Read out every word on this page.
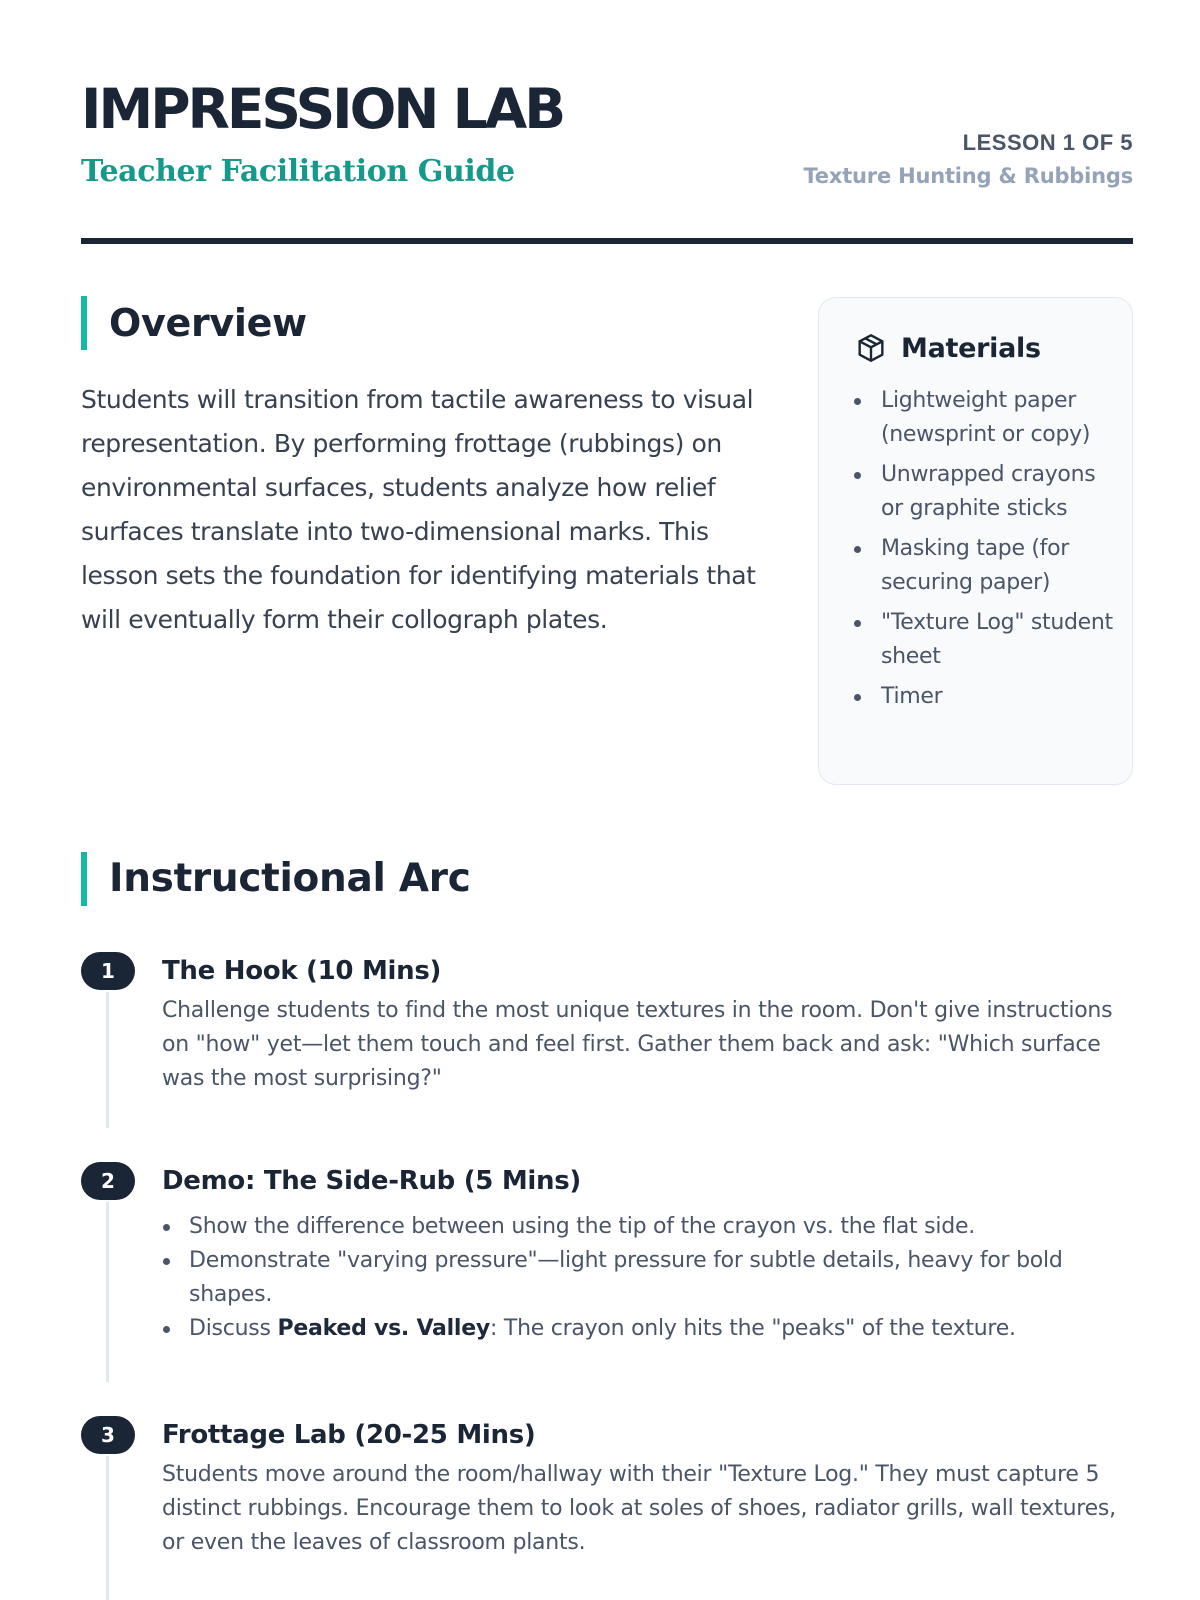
IMPRESSION LAB
Teacher Facilitation Guide
LESSON 1 OF 5
Texture Hunting & Rubbings
Overview

Students will transition from tactile awareness to visual representation. By performing frottage (rubbings) on environmental surfaces, students analyze how relief surfaces translate into two-dimensional marks. This lesson sets the foundation for identifying materials that will eventually form their collograph plates.

Materials
Lightweight paper (newsprint or copy)
Unwrapped crayons or graphite sticks
Masking tape (for securing paper)
"Texture Log" student sheet
Timer
Instructional Arc
1	The Hook (10 Mins)
Challenge students to find the most unique textures in the room. Don't give instructions on "how" yet—let them touch and feel first. Gather them back and ask: "Which surface was the most surprising?"
2	Demo: The Side-Rub (5 Mins)
Show the difference between using the tip of the crayon vs. the flat side.
Demonstrate "varying pressure"—light pressure for subtle details, heavy for bold shapes.
Discuss Peaked vs. Valley: The crayon only hits the "peaks" of the texture.
3	Frottage Lab (20-25 Mins)
Students move around the room/hallway with their "Texture Log." They must capture 5 distinct rubbings. Encourage them to look at soles of shoes, radiator grills, wall textures, or even the leaves of classroom plants.
